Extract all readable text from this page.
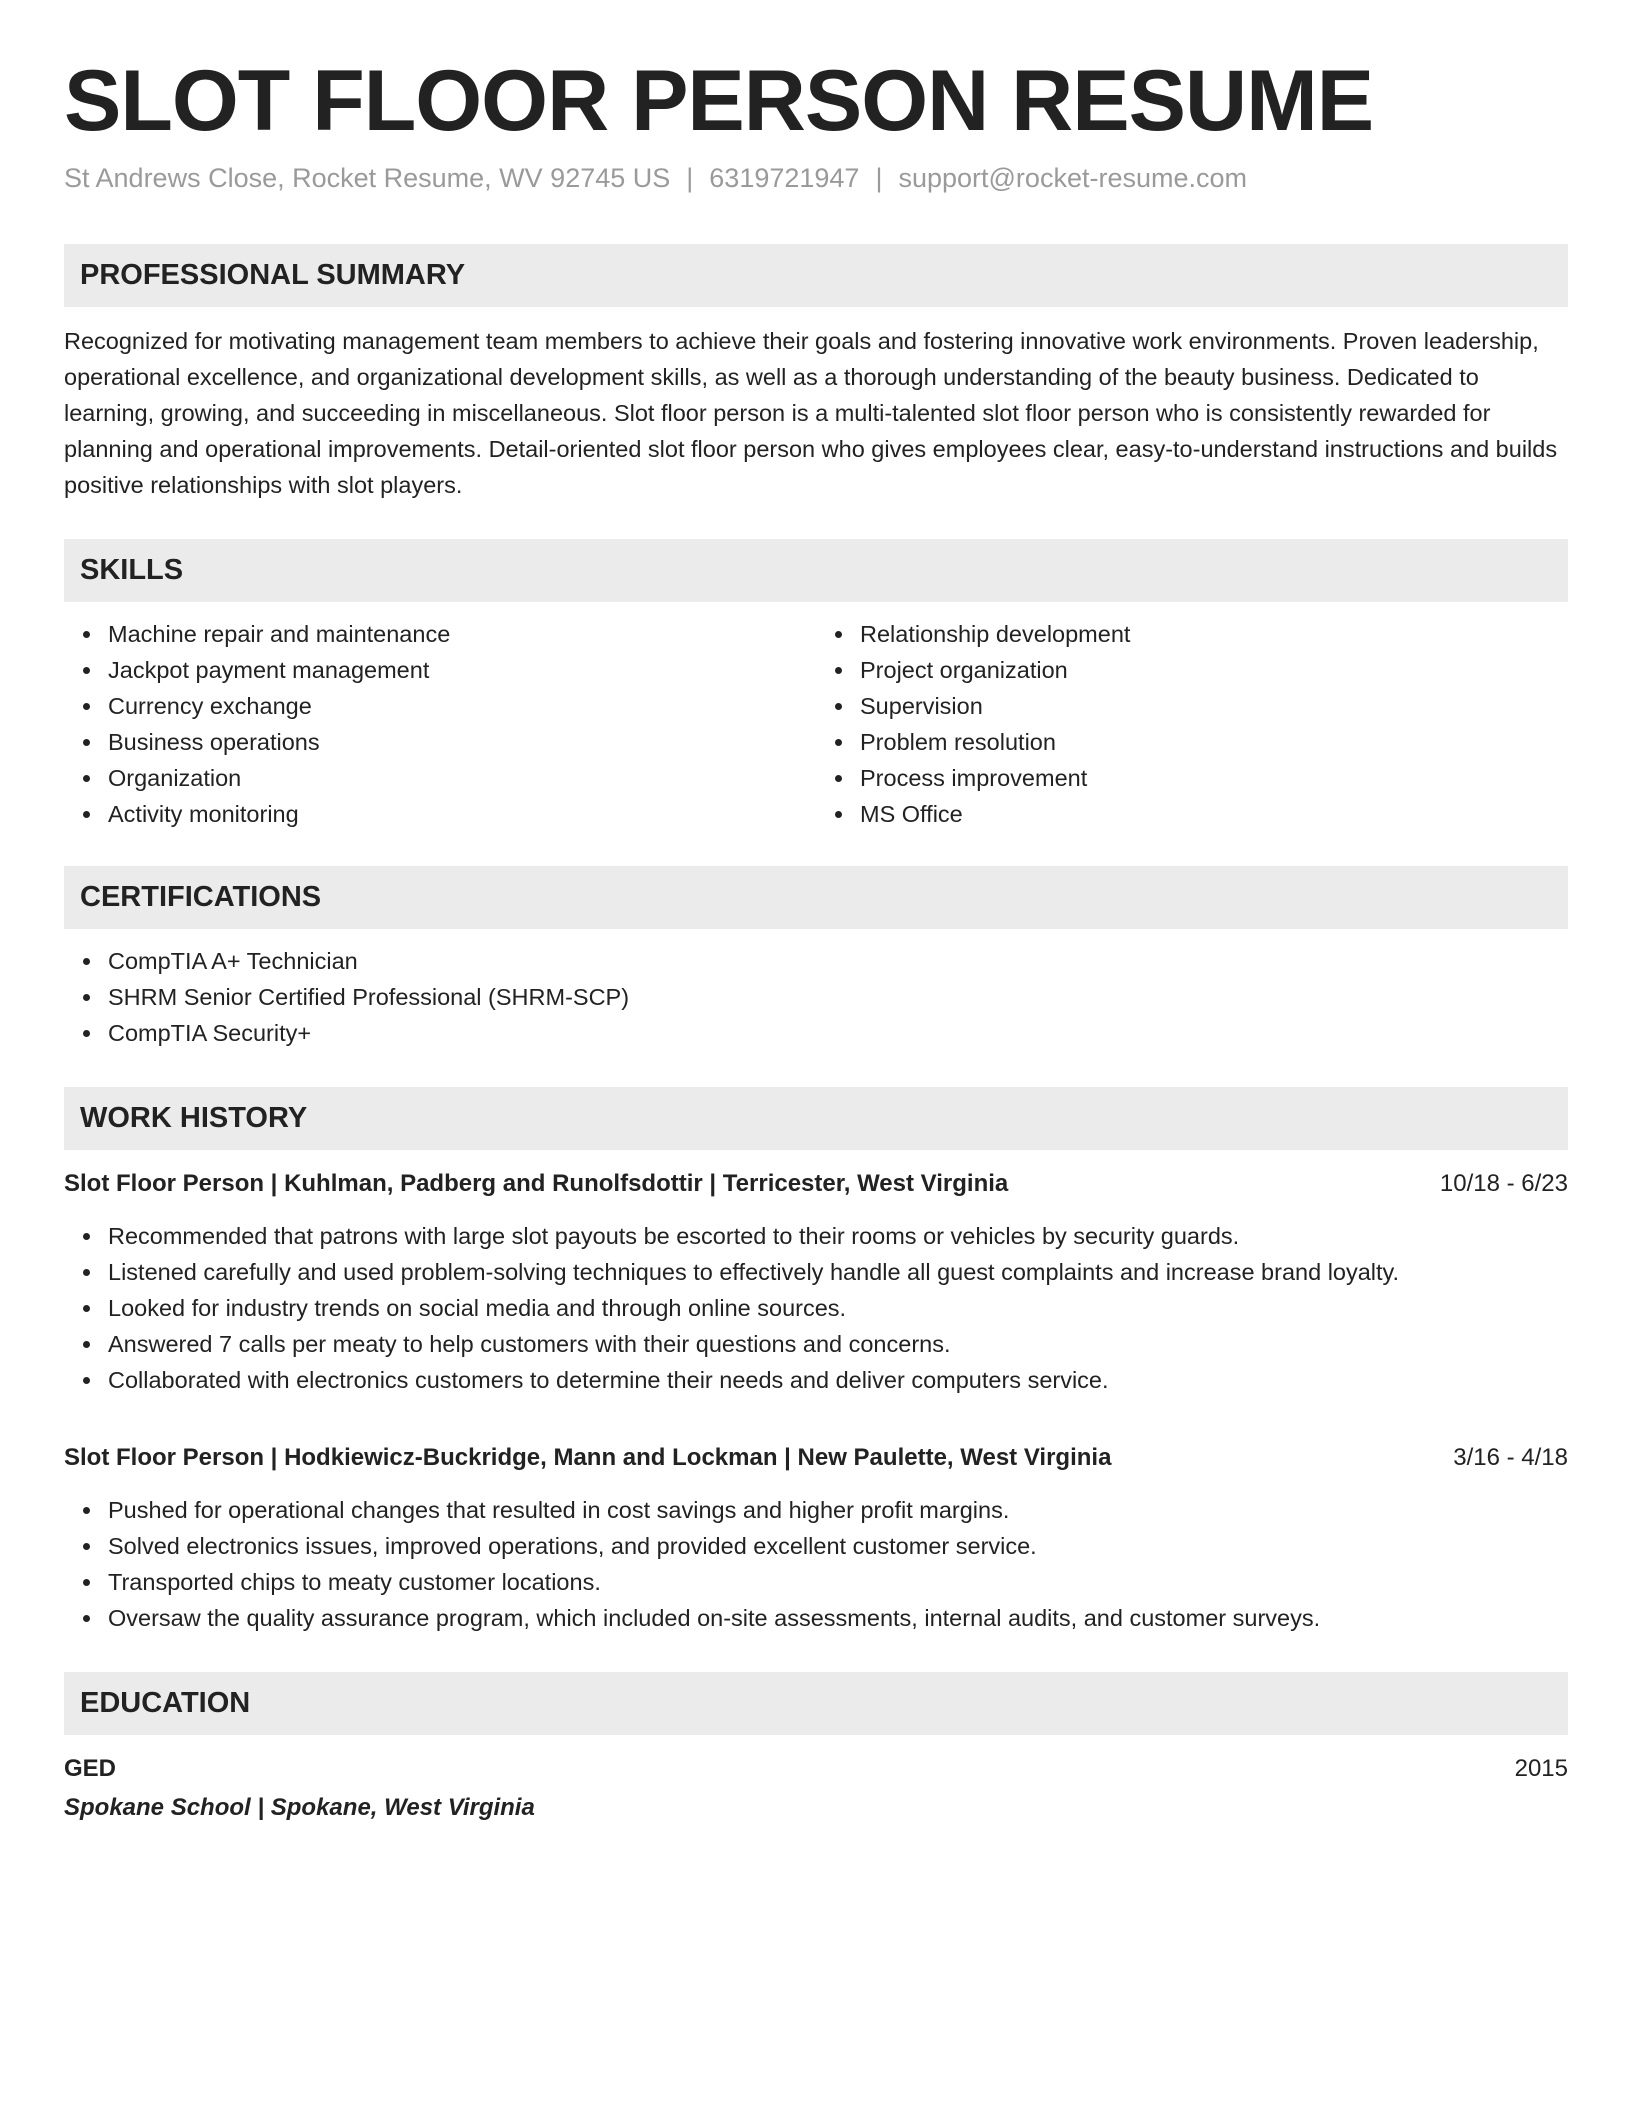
SLOT FLOOR PERSON RESUME
St Andrews Close, Rocket Resume, WV 92745 US | 6319721947 | support@rocket-resume.com
PROFESSIONAL SUMMARY
Recognized for motivating management team members to achieve their goals and fostering innovative work environments. Proven leadership, operational excellence, and organizational development skills, as well as a thorough understanding of the beauty business. Dedicated to learning, growing, and succeeding in miscellaneous. Slot floor person is a multi-talented slot floor person who is consistently rewarded for planning and operational improvements. Detail-oriented slot floor person who gives employees clear, easy-to-understand instructions and builds positive relationships with slot players.
SKILLS
Machine repair and maintenance
Jackpot payment management
Currency exchange
Business operations
Organization
Activity monitoring
Relationship development
Project organization
Supervision
Problem resolution
Process improvement
MS Office
CERTIFICATIONS
CompTIA A+ Technician
SHRM Senior Certified Professional (SHRM-SCP)
CompTIA Security+
WORK HISTORY
Slot Floor Person | Kuhlman, Padberg and Runolfsdottir | Terricester, West Virginia	10/18 - 6/23
Recommended that patrons with large slot payouts be escorted to their rooms or vehicles by security guards.
Listened carefully and used problem-solving techniques to effectively handle all guest complaints and increase brand loyalty.
Looked for industry trends on social media and through online sources.
Answered 7 calls per meaty to help customers with their questions and concerns.
Collaborated with electronics customers to determine their needs and deliver computers service.
Slot Floor Person | Hodkiewicz-Buckridge, Mann and Lockman | New Paulette, West Virginia	3/16 - 4/18
Pushed for operational changes that resulted in cost savings and higher profit margins.
Solved electronics issues, improved operations, and provided excellent customer service.
Transported chips to meaty customer locations.
Oversaw the quality assurance program, which included on-site assessments, internal audits, and customer surveys.
EDUCATION
GED	2015
Spokane School | Spokane, West Virginia
